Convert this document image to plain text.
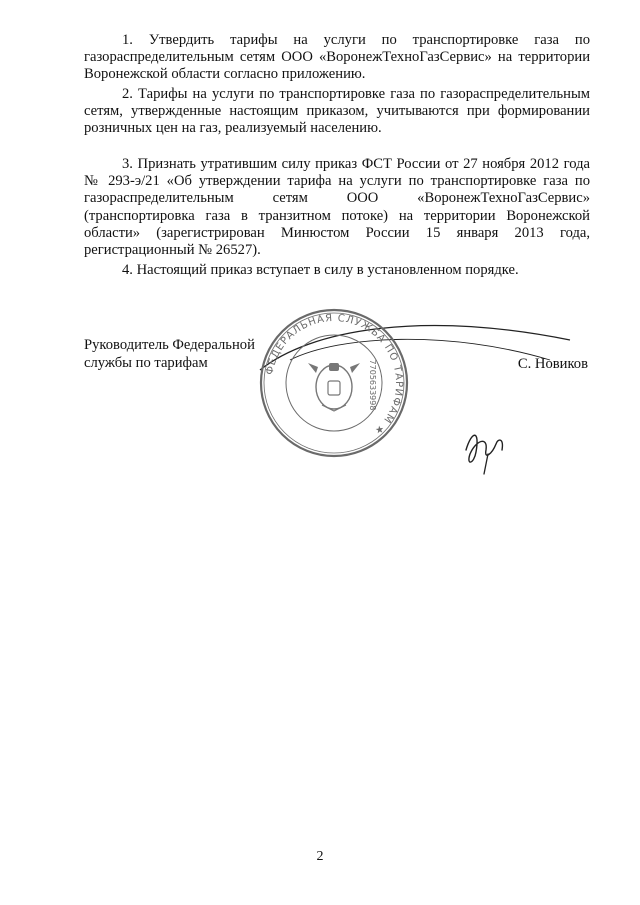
1. Утвердить тарифы на услуги по транспортировке газа по газораспределительным сетям ООО «ВоронежТехноГазСервис» на территории Воронежской области согласно приложению.

2. Тарифы на услуги по транспортировке газа по газораспределительным сетям, утвержденные настоящим приказом, учитываются при формировании розничных цен на газ, реализуемый населению.

3. Признать утратившим силу приказ ФСТ России от 27 ноября 2012 года № 293-э/21 «Об утверждении тарифа на услуги по транспортировке газа по газораспределительным сетям ООО «ВоронежТехноГазСервис» (транспортировка газа в транзитном потоке) на территории Воронежской области» (зарегистрирован Минюстом России 15 января 2013 года, регистрационный № 26527).

4. Настоящий приказ вступает в силу в установленном порядке.

Руководитель Федеральной
службы по тарифам	ФЕДЕРАЛЬНАЯ СЛУЖБА ПО ТАРИФАМ ★
7705633998	С. Новиков
2
